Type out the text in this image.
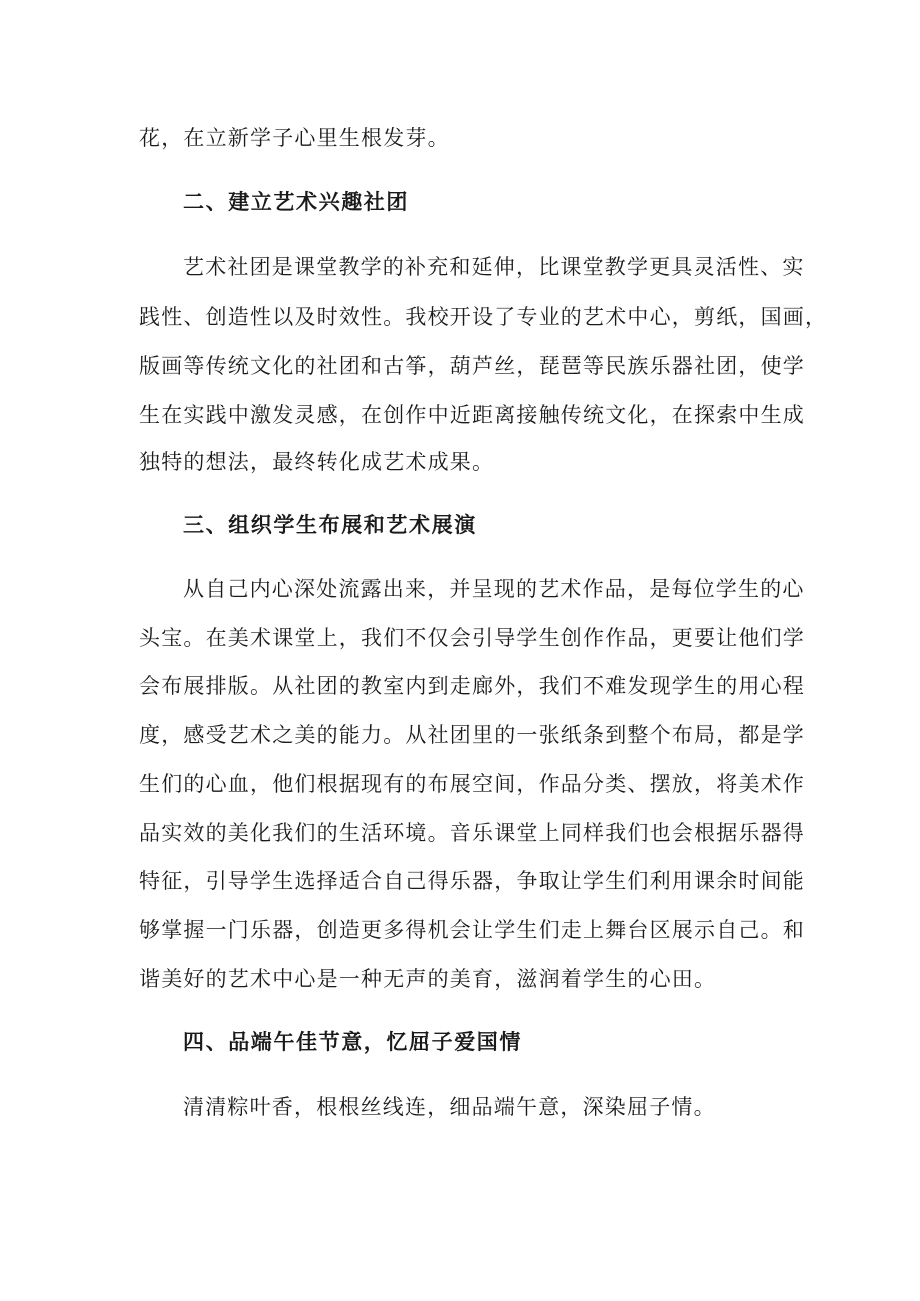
花，在立新学子心里生根发芽。
二、建立艺术兴趣社团
艺术社团是课堂教学的补充和延伸，比课堂教学更具灵活性、实
践性、创造性以及时效性。我校开设了专业的艺术中心，剪纸，国画，
版画等传统文化的社团和古筝，葫芦丝，琵琶等民族乐器社团，使学
生在实践中激发灵感，在创作中近距离接触传统文化，在探索中生成
独特的想法，最终转化成艺术成果。
三、组织学生布展和艺术展演
从自己内心深处流露出来，并呈现的艺术作品，是每位学生的心
头宝。在美术课堂上，我们不仅会引导学生创作作品，更要让他们学
会布展排版。从社团的教室内到走廊外，我们不难发现学生的用心程
度，感受艺术之美的能力。从社团里的一张纸条到整个布局，都是学
生们的心血，他们根据现有的布展空间，作品分类、摆放，将美术作
品实效的美化我们的生活环境。音乐课堂上同样我们也会根据乐器得
特征，引导学生选择适合自己得乐器，争取让学生们利用课余时间能
够掌握一门乐器，创造更多得机会让学生们走上舞台区展示自己。和
谐美好的艺术中心是一种无声的美育，滋润着学生的心田。
四、品端午佳节意，忆屈子爱国情
清清粽叶香，根根丝线连，细品端午意，深染屈子情。
